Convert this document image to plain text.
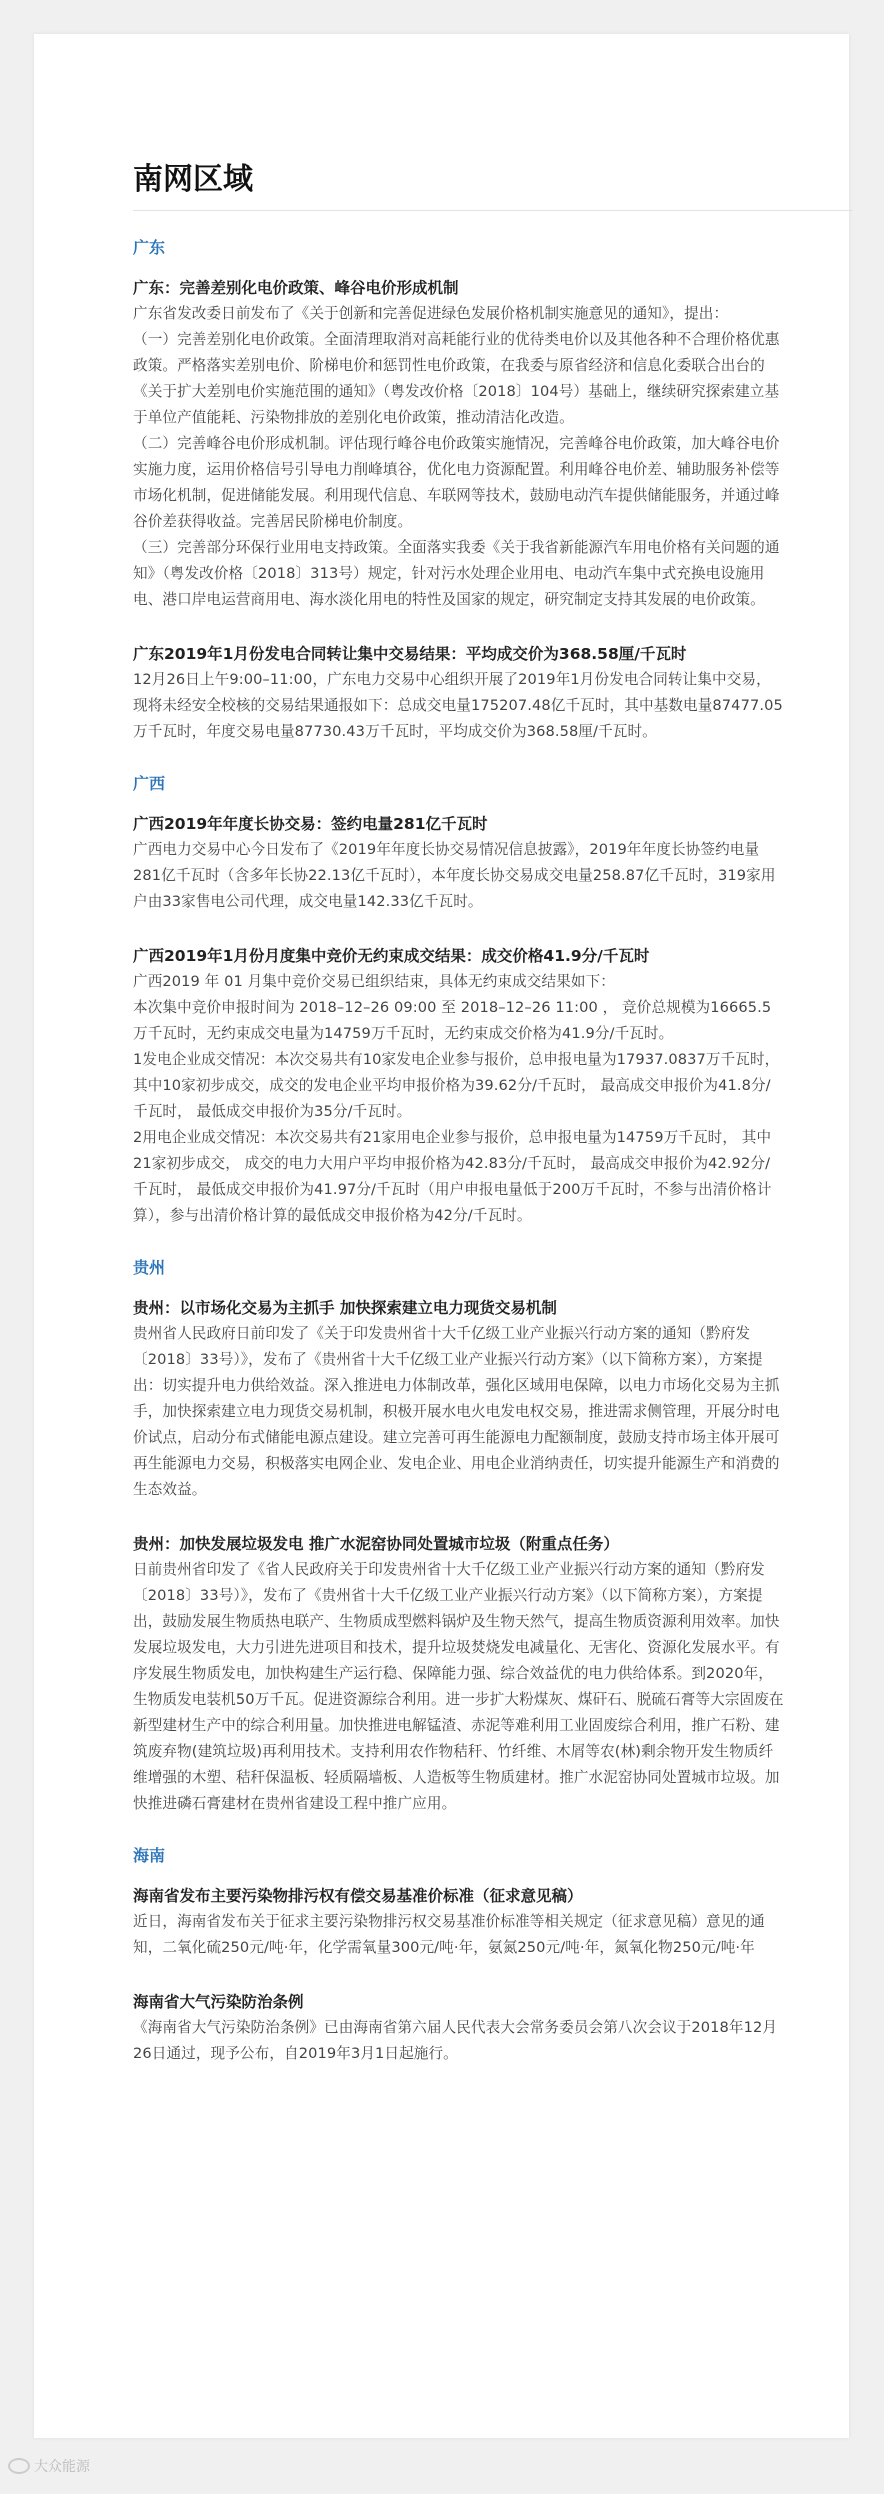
南网区域
广东
广东：完善差别化电价政策、峰谷电价形成机制

广东省发改委日前发布了《关于创新和完善促进绿色发展价格机制实施意见的通知》，提出：

（一）完善差别化电价政策。全面清理取消对高耗能行业的优待类电价以及其他各种不合理价格优惠政策。严格落实差别电价、阶梯电价和惩罚性电价政策，在我委与原省经济和信息化委联合出台的《关于扩大差别电价实施范围的通知》（粤发改价格〔2018〕104号）基础上，继续研究探索建立基于单位产值能耗、污染物排放的差别化电价政策，推动清洁化改造。

（二）完善峰谷电价形成机制。评估现行峰谷电价政策实施情况，完善峰谷电价政策，加大峰谷电价实施力度，运用价格信号引导电力削峰填谷，优化电力资源配置。利用峰谷电价差、辅助服务补偿等市场化机制，促进储能发展。利用现代信息、车联网等技术，鼓励电动汽车提供储能服务，并通过峰谷价差获得收益。完善居民阶梯电价制度。

（三）完善部分环保行业用电支持政策。全面落实我委《关于我省新能源汽车用电价格有关问题的通知》（粤发改价格〔2018〕313号）规定，针对污水处理企业用电、电动汽车集中式充换电设施用电、港口岸电运营商用电、海水淡化用电的特性及国家的规定，研究制定支持其发展的电价政策。

广东2019年1月份发电合同转让集中交易结果：平均成交价为368.58厘/千瓦时

12月26日上午9:00–11:00，广东电力交易中心组织开展了2019年1月份发电合同转让集中交易，现将未经安全校核的交易结果通报如下：总成交电量175207.48亿千瓦时，其中基数电量87477.05万千瓦时，年度交易电量87730.43万千瓦时，平均成交价为368.58厘/千瓦时。

广西
广西2019年年度长协交易：签约电量281亿千瓦时

广西电力交易中心今日发布了《2019年年度长协交易情况信息披露》，2019年年度长协签约电量281亿千瓦时（含多年长协22.13亿千瓦时），本年度长协交易成交电量258.87亿千瓦时，319家用户由33家售电公司代理，成交电量142.33亿千瓦时。

广西2019年1月份月度集中竞价无约束成交结果：成交价格41.9分/千瓦时

广西2019 年 01 月集中竞价交易已组织结束，具体无约束成交结果如下：

本次集中竞价申报时间为 2018–12–26 09:00 至 2018–12–26 11:00 ， 竞价总规模为16665.5万千瓦时，无约束成交电量为14759万千瓦时，无约束成交价格为41.9分/千瓦时。

1发电企业成交情况：本次交易共有10家发电企业参与报价，总申报电量为17937.0837万千瓦时， 其中10家初步成交，成交的发电企业平均申报价格为39.62分/千瓦时， 最高成交申报价为41.8分/千瓦时， 最低成交申报价为35分/千瓦时。

2用电企业成交情况：本次交易共有21家用电企业参与报价，总申报电量为14759万千瓦时， 其中21家初步成交， 成交的电力大用户平均申报价格为42.83分/千瓦时， 最高成交申报价为42.92分/千瓦时， 最低成交申报价为41.97分/千瓦时（用户申报电量低于200万千瓦时，不参与出清价格计算），参与出清价格计算的最低成交申报价格为42分/千瓦时。

贵州
贵州：以市场化交易为主抓手 加快探索建立电力现货交易机制

贵州省人民政府日前印发了《关于印发贵州省十大千亿级工业产业振兴行动方案的通知（黔府发〔2018〕33号）》，发布了《贵州省十大千亿级工业产业振兴行动方案》（以下简称方案），方案提出：切实提升电力供给效益。深入推进电力体制改革，强化区域用电保障，以电力市场化交易为主抓手，加快探索建立电力现货交易机制，积极开展水电火电发电权交易，推进需求侧管理，开展分时电价试点，启动分布式储能电源点建设。建立完善可再生能源电力配额制度，鼓励支持市场主体开展可再生能源电力交易，积极落实电网企业、发电企业、用电企业消纳责任，切实提升能源生产和消费的生态效益。

贵州：加快发展垃圾发电 推广水泥窑协同处置城市垃圾（附重点任务）

日前贵州省印发了《省人民政府关于印发贵州省十大千亿级工业产业振兴行动方案的通知（黔府发〔2018〕33号）》，发布了《贵州省十大千亿级工业产业振兴行动方案》（以下简称方案），方案提出，鼓励发展生物质热电联产、生物质成型燃料锅炉及生物天然气，提高生物质资源利用效率。加快发展垃圾发电，大力引进先进项目和技术，提升垃圾焚烧发电减量化、无害化、资源化发展水平。有序发展生物质发电，加快构建生产运行稳、保障能力强、综合效益优的电力供给体系。到2020年，生物质发电装机50万千瓦。促进资源综合利用。进一步扩大粉煤灰、煤矸石、脱硫石膏等大宗固废在新型建材生产中的综合利用量。加快推进电解锰渣、赤泥等难利用工业固废综合利用，推广石粉、建筑废弃物(建筑垃圾)再利用技术。支持利用农作物秸秆、竹纤维、木屑等农(林)剩余物开发生物质纤维增强的木塑、秸秆保温板、轻质隔墙板、人造板等生物质建材。推广水泥窑协同处置城市垃圾。加快推进磷石膏建材在贵州省建设工程中推广应用。

海南
海南省发布主要污染物排污权有偿交易基准价标准（征求意见稿）

近日，海南省发布关于征求主要污染物排污权交易基准价标准等相关规定（征求意见稿）意见的通知，二氧化硫250元/吨·年，化学需氧量300元/吨·年，氨氮250元/吨·年，氮氧化物250元/吨·年

海南省大气污染防治条例

《海南省大气污染防治条例》已由海南省第六届人民代表大会常务委员会第八次会议于2018年12月26日通过，现予公布，自2019年3月1日起施行。

大众能源
